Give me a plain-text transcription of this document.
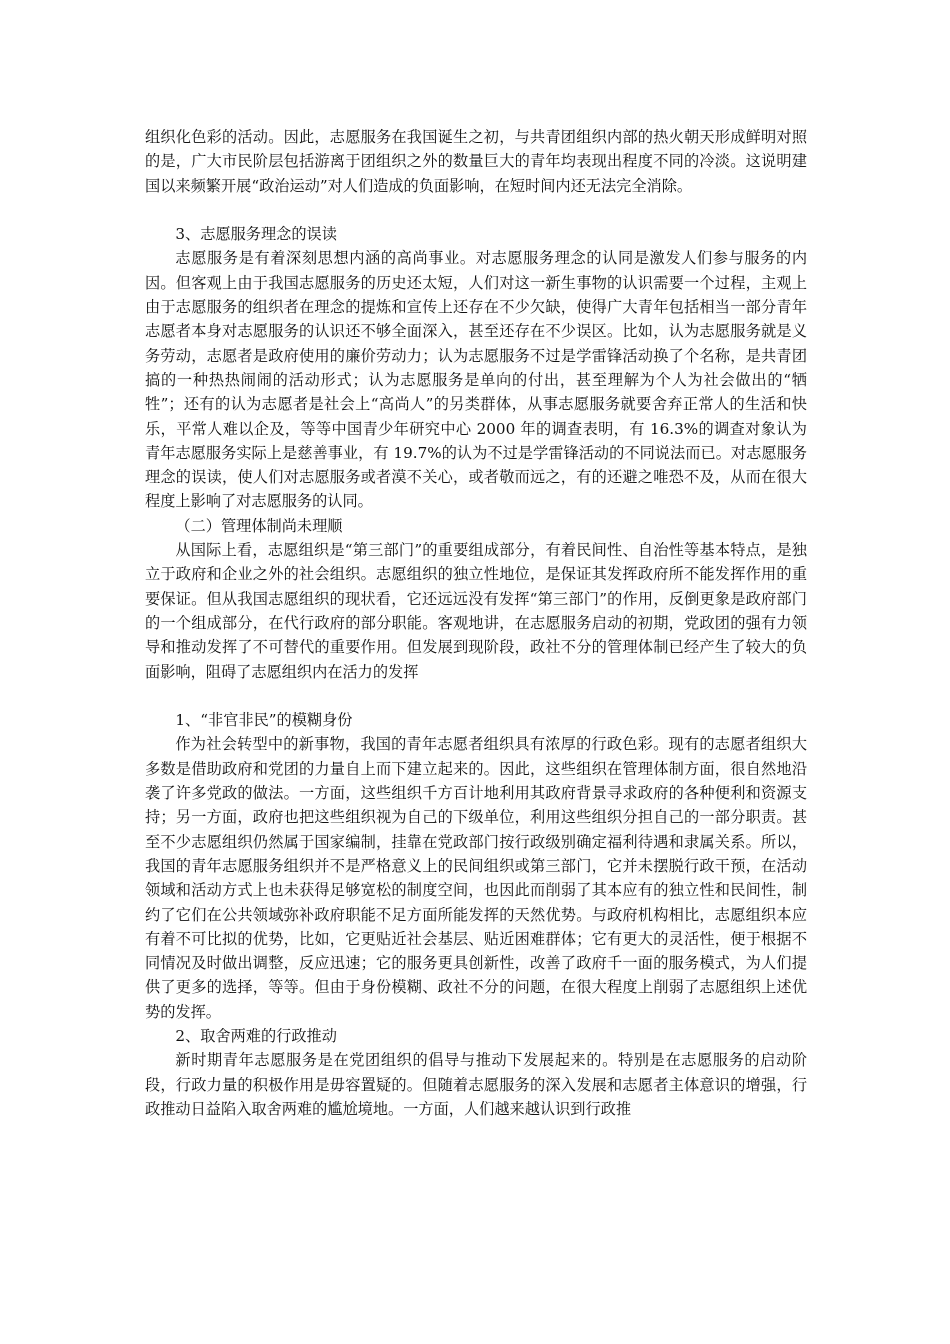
组织化色彩的活动。因此，志愿服务在我国诞生之初，与共青团组织内部的热火朝天形成鲜明对照的是，广大市民阶层包括游离于团组织之外的数量巨大的青年均表现出程度不同的冷淡。这说明建国以来频繁开展“政治运动”对人们造成的负面影响，在短时间内还无法完全消除。

3、志愿服务理念的误读

志愿服务是有着深刻思想内涵的高尚事业。对志愿服务理念的认同是激发人们参与服务的内因。但客观上由于我国志愿服务的历史还太短，人们对这一新生事物的认识需要一个过程，主观上由于志愿服务的组织者在理念的提炼和宣传上还存在不少欠缺，使得广大青年包括相当一部分青年志愿者本身对志愿服务的认识还不够全面深入，甚至还存在不少误区。比如，认为志愿服务就是义务劳动，志愿者是政府使用的廉价劳动力；认为志愿服务不过是学雷锋活动换了个名称，是共青团搞的一种热热闹闹的活动形式；认为志愿服务是单向的付出，甚至理解为个人为社会做出的“牺牲”；还有的认为志愿者是社会上“高尚人”的另类群体，从事志愿服务就要舍弃正常人的生活和快乐，平常人难以企及，等等中国青少年研究中心 2000 年的调查表明，有 16.3%的调查对象认为青年志愿服务实际上是慈善事业，有 19.7%的认为不过是学雷锋活动的不同说法而已。对志愿服务理念的误读，使人们对志愿服务或者漠不关心，或者敬而远之，有的还避之唯恐不及，从而在很大程度上影响了对志愿服务的认同。

（二）管理体制尚未理顺

从国际上看，志愿组织是“第三部门”的重要组成部分，有着民间性、自治性等基本特点，是独立于政府和企业之外的社会组织。志愿组织的独立性地位，是保证其发挥政府所不能发挥作用的重要保证。但从我国志愿组织的现状看，它还远远没有发挥“第三部门”的作用，反倒更象是政府部门的一个组成部分，在代行政府的部分职能。客观地讲，在志愿服务启动的初期，党政团的强有力领导和推动发挥了不可替代的重要作用。但发展到现阶段，政社不分的管理体制已经产生了较大的负面影响，阻碍了志愿组织内在活力的发挥

1、“非官非民”的模糊身份

作为社会转型中的新事物，我国的青年志愿者组织具有浓厚的行政色彩。现有的志愿者组织大多数是借助政府和党团的力量自上而下建立起来的。因此，这些组织在管理体制方面，很自然地沿袭了许多党政的做法。一方面，这些组织千方百计地利用其政府背景寻求政府的各种便利和资源支持；另一方面，政府也把这些组织视为自己的下级单位，利用这些组织分担自己的一部分职责。甚至不少志愿组织仍然属于国家编制，挂靠在党政部门按行政级别确定福利待遇和隶属关系。所以，我国的青年志愿服务组织并不是严格意义上的民间组织或第三部门，它并未摆脱行政干预，在活动领域和活动方式上也未获得足够宽松的制度空间，也因此而削弱了其本应有的独立性和民间性，制约了它们在公共领域弥补政府职能不足方面所能发挥的天然优势。与政府机构相比，志愿组织本应有着不可比拟的优势，比如，它更贴近社会基层、贴近困难群体；它有更大的灵活性，便于根据不同情况及时做出调整，反应迅速；它的服务更具创新性，改善了政府千一面的服务模式，为人们提供了更多的选择，等等。但由于身份模糊、政社不分的问题，在很大程度上削弱了志愿组织上述优势的发挥。

2、取舍两难的行政推动

新时期青年志愿服务是在党团组织的倡导与推动下发展起来的。特别是在志愿服务的启动阶段，行政力量的积极作用是毋容置疑的。但随着志愿服务的深入发展和志愿者主体意识的增强，行政推动日益陷入取舍两难的尴尬境地。一方面，人们越来越认识到行政推
